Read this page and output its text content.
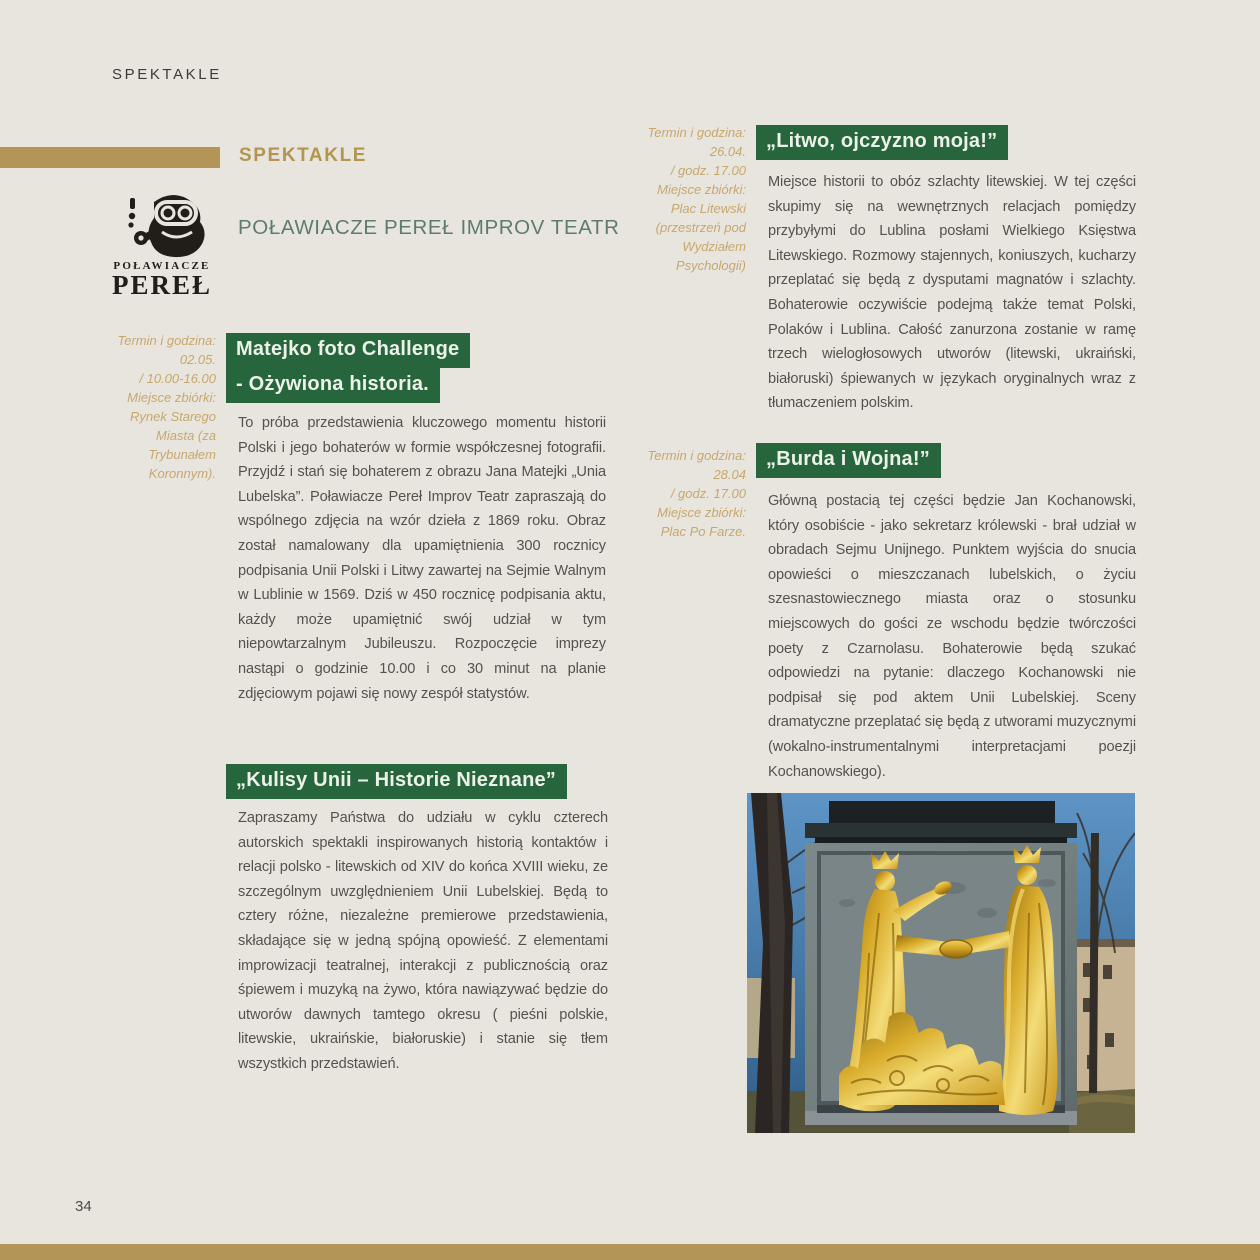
SPEKTAKLE
SPEKTAKLE
POŁAWIACZE
PEREŁ
POŁAWIACZE PEREŁ IMPROV TEATR
Termin i godzina:
02.05.
/ 10.00-16.00
Miejsce zbiórki:
Rynek Starego
Miasta (za
Trybunałem
Koronnym).
Matejko foto Challenge
- Ożywiona historia.
To próba przedstawienia kluczowego momentu historii Polski i jego bohaterów w formie współczesnej fotografii. Przyjdź i stań się bohaterem z obrazu Jana Matejki „Unia Lubelska”. Poławiacze Pereł Improv Teatr zapraszają do wspólnego zdjęcia na wzór dzieła z 1869 roku. Obraz został namalowany dla upamiętnienia 300 rocznicy podpisania Unii Polski i Litwy zawartej na Sejmie Walnym w Lublinie w 1569. Dziś w 450 rocznicę podpisania aktu, każdy może upamiętnić swój udział w tym niepowtarzalnym Jubileuszu. Rozpoczęcie imprezy nastąpi o godzinie 10.00 i co 30 minut na planie zdjęciowym pojawi się nowy zespół statystów.
„Kulisy Unii – Historie Nieznane”
Zapraszamy Państwa do udziału w cyklu czterech autorskich spektakli inspirowanych historią kontaktów i relacji polsko - litewskich od XIV do końca XVIII wieku, ze szczególnym uwzględnieniem Unii Lubelskiej. Będą to cztery różne, niezależne premierowe przedstawienia, składające się w jedną spójną opowieść. Z elementami improwizacji teatralnej, interakcji z publicznością oraz śpiewem i muzyką na żywo, która nawiązywać będzie do utworów dawnych tamtego okresu ( pieśni polskie, litewskie, ukraińskie, białoruskie) i stanie się tłem wszystkich przedstawień.
Termin i godzina:
26.04.
/ godz. 17.00
Miejsce zbiórki:
Plac Litewski
(przestrzeń pod
Wydziałem
Psychologii)
„Litwo, ojczyzno moja!”
Miejsce historii to obóz szlachty litewskiej. W tej części skupimy się na wewnętrznych relacjach pomiędzy przybyłymi do Lublina posłami Wielkiego Księstwa Litewskiego. Rozmowy stajennych, koniuszych, kucharzy przeplatać się będą z dysputami magnatów i szlachty. Bohaterowie oczywiście podejmą także temat Polski, Polaków i Lublina. Całość zanurzona zostanie w ramę trzech wielogłosowych utworów (litewski, ukraiński, białoruski) śpiewanych w językach oryginalnych wraz z tłumaczeniem polskim.
Termin i godzina:
28.04
/ godz. 17.00
Miejsce zbiórki:
Plac Po Farze.
„Burda i Wojna!”
Główną postacią tej części będzie Jan Kochanowski, który osobiście - jako sekretarz królewski - brał udział w obradach Sejmu Unijnego. Punktem wyjścia do snucia opowieści o mieszczanach lubelskich, o życiu szesnastowiecznego miasta oraz o stosunku miejscowych do gości ze wschodu będzie twórczości poety z Czarnolasu. Bohaterowie będą szukać odpowiedzi na pytanie: dlaczego Kochanowski nie podpisał się pod aktem Unii Lubelskiej. Sceny dramatyczne przeplatać się będą z utworami muzycznymi (wokalno-instrumentalnymi interpretacjami poezji Kochanowskiego).
34
